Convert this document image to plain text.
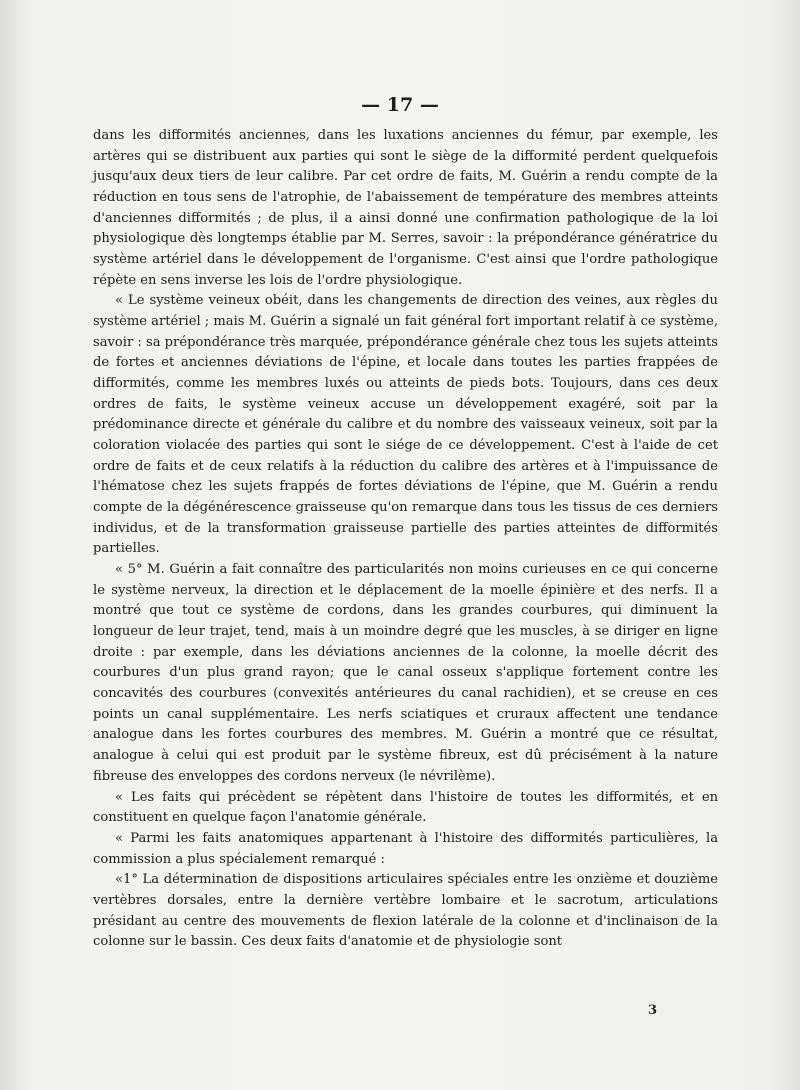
— 17 —

dans les difformités anciennes, dans les luxations anciennes du fémur, par exemple, les artères qui se distribuent aux parties qui sont le siège de la difformité perdent quelquefois jusqu'aux deux tiers de leur calibre. Par cet ordre de faits, M. Guérin a rendu compte de la réduction en tous sens de l'atrophie, de l'abaissement de température des membres atteints d'anciennes difformités ; de plus, il a ainsi donné une confirmation pathologique de la loi physiologique dès longtemps établie par M. Serres, savoir : la prépondérance génératrice du système artériel dans le développement de l'organisme. C'est ainsi que l'ordre pathologique répète en sens inverse les lois de l'ordre physiologique.

« Le système veineux obéit, dans les changements de direction des veines, aux règles du système artériel ; mais M. Guérin a signalé un fait général fort important relatif à ce système, savoir : sa prépondérance très marquée, prépondérance générale chez tous les sujets atteints de fortes et anciennes déviations de l'épine, et locale dans toutes les parties frappées de difformités, comme les membres luxés ou atteints de pieds bots. Toujours, dans ces deux ordres de faits, le système veineux accuse un développement exagéré, soit par la prédominance directe et générale du calibre et du nombre des vaisseaux veineux, soit par la coloration violacée des parties qui sont le siége de ce développement. C'est à l'aide de cet ordre de faits et de ceux relatifs à la réduction du calibre des artères et à l'impuissance de l'hématose chez les sujets frappés de fortes déviations de l'épine, que M. Guérin a rendu compte de la dégénérescence graisseuse qu'on remarque dans tous les tissus de ces derniers individus, et de la transformation graisseuse partielle des parties atteintes de difformités partielles.

« 5° M. Guérin a fait connaître des particularités non moins curieuses en ce qui concerne le système nerveux, la direction et le déplacement de la moelle épinière et des nerfs. Il a montré que tout ce système de cordons, dans les grandes courbures, qui diminuent la longueur de leur trajet, tend, mais à un moindre degré que les muscles, à se diriger en ligne droite : par exemple, dans les déviations anciennes de la colonne, la moelle décrit des courbures d'un plus grand rayon; que le canal osseux s'applique fortement contre les concavités des courbures (convexités antérieures du canal rachidien), et se creuse en ces points un canal supplémentaire. Les nerfs sciatiques et cruraux affectent une tendance analogue dans les fortes courbures des membres. M. Guérin a montré que ce résultat, analogue à celui qui est produit par le système fibreux, est dû précisément à la nature fibreuse des enveloppes des cordons nerveux (le névrilème).

« Les faits qui précèdent se répètent dans l'histoire de toutes les difformités, et en constituent en quelque façon l'anatomie générale.

« Parmi les faits anatomiques appartenant à l'histoire des difformités particulières, la commission a plus spécialement remarqué :

«1° La détermination de dispositions articulaires spéciales entre les onzième et douzième vertèbres dorsales, entre la dernière vertèbre lombaire et le sacrotum, articulations présidant au centre des mouvements de flexion latérale de la colonne et d'inclinaison de la colonne sur le bassin. Ces deux faits d'anatomie et de physiologie sont

3
